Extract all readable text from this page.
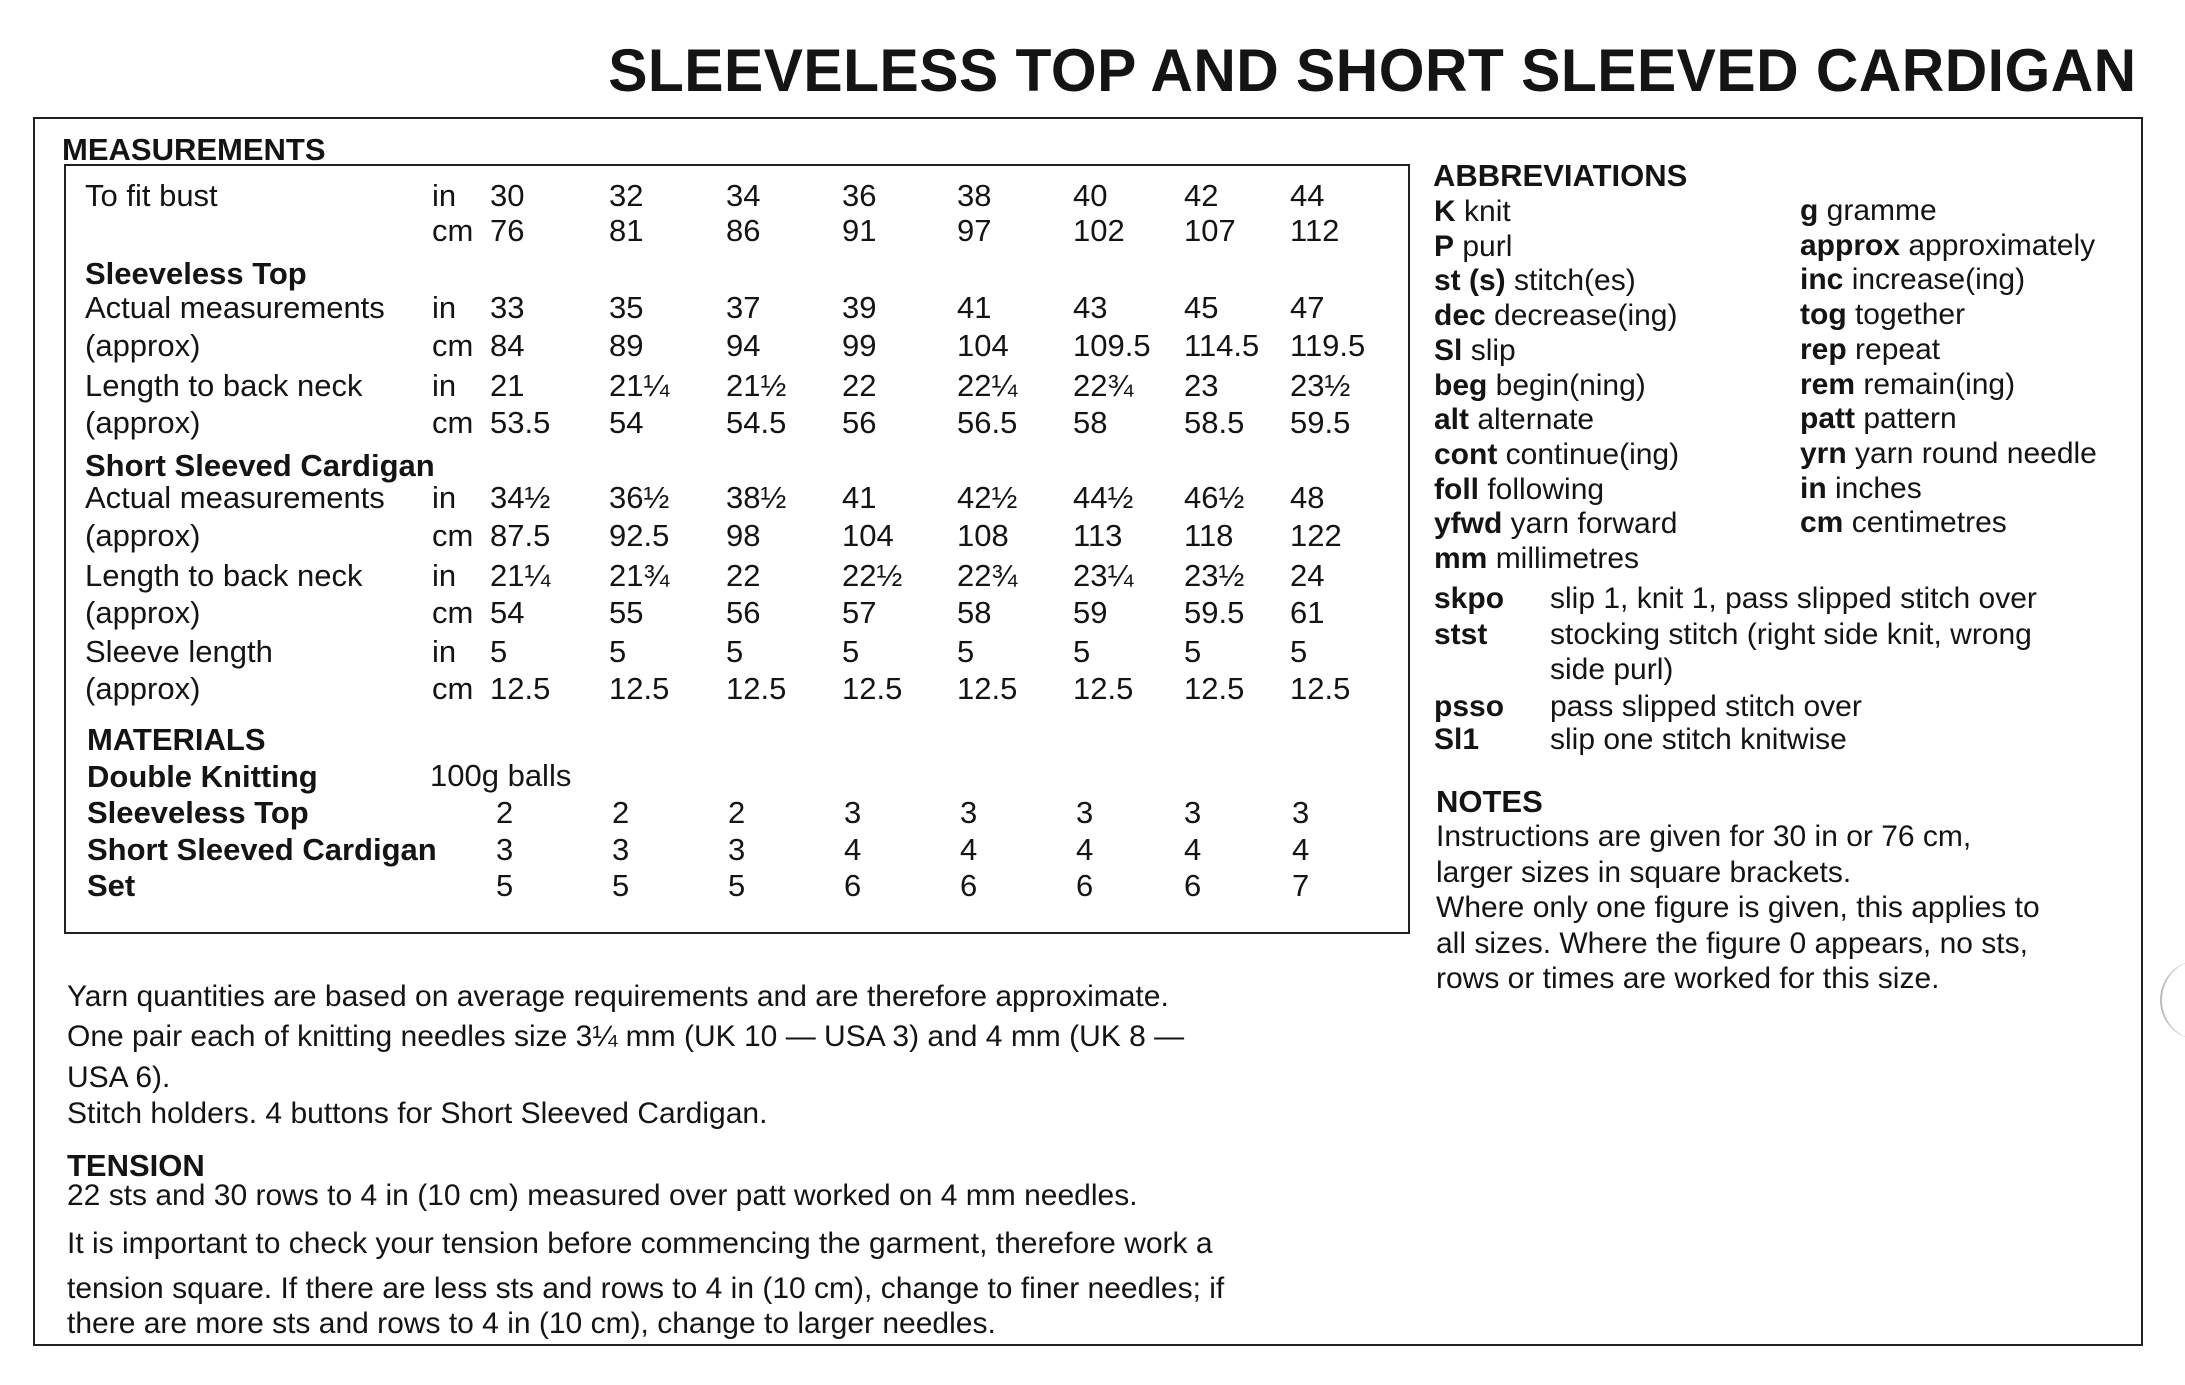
SLEEVELESS TOP AND SHORT SLEEVED CARDIGAN
MEASUREMENTS
To fit bust	in 30	32	34	36	38	40 42 44
cm 76	81	86	91	97	102 107 112
Sleeveless Top
Actual measurements in 33	35	37	39	41	43 45 47
(approx)	cm 84	89	94	99	104 109.5 114.5 119.5
Length to back neck in 21	21¼ 21½ 22	22¼ 22¾ 23 23½
(approx)	cm 53.5 54	54.5 56	56.5 58 58.5 59.5
Short Sleeved Cardigan
Actual measurements in 34½ 36½ 38½ 41	42½ 44½ 46½ 48
(approx)	cm 87.5 92.5 98	104 108 113 118 122
Length to back neck in 21¼ 21¾ 22	22½ 22¾ 23¼ 23½ 24
(approx)	cm 54	55	56	57	58	59 59.5 61
Sleeve length	in 5	5	5	5	5	5	5	5
(approx)	cm 12.5 12.5 12.5 12.5 12.5 12.5 12.5 12.5
MATERIALS
Double Knitting	100g balls
Sleeveless Top	2	2	2	3	3	3	3	3
Short Sleeved Cardigan 3	3	3	4	4	4	4	4
Set	5	5	5	6	6	6	6	7
Yarn quantities are based on average requirements and are therefore approximate.
One pair each of knitting needles size 3¼ mm (UK 10 — USA 3) and 4 mm (UK 8 —
USA 6).
Stitch holders. 4 buttons for Short Sleeved Cardigan.
TENSION
22 sts and 30 rows to 4 in (10 cm) measured over patt worked on 4 mm needles.
It is important to check your tension before commencing the garment, therefore work a
tension square. If there are less sts and rows to 4 in (10 cm), change to finer needles; if
there are more sts and rows to 4 in (10 cm), change to larger needles.
ABBREVIATIONS
K knit
P purl
st (s) stitch(es)
dec decrease(ing)
Sl slip
beg begin(ning)
alt alternate
cont continue(ing)
foll following
yfwd yarn forward
mm millimetres
g gramme
approx approximately
inc increase(ing)
tog together
rep repeat
rem remain(ing)
patt pattern
yrn yarn round needle
in inches
cm centimetres
skpo slip 1, knit 1, pass slipped stitch over
stst stocking stitch (right side knit, wrong
side purl)
psso pass slipped stitch over
Sl1 slip one stitch knitwise
NOTES
Instructions are given for 30 in or 76 cm,
larger sizes in square brackets.
Where only one figure is given, this applies to
all sizes. Where the figure 0 appears, no sts,
rows or times are worked for this size.
